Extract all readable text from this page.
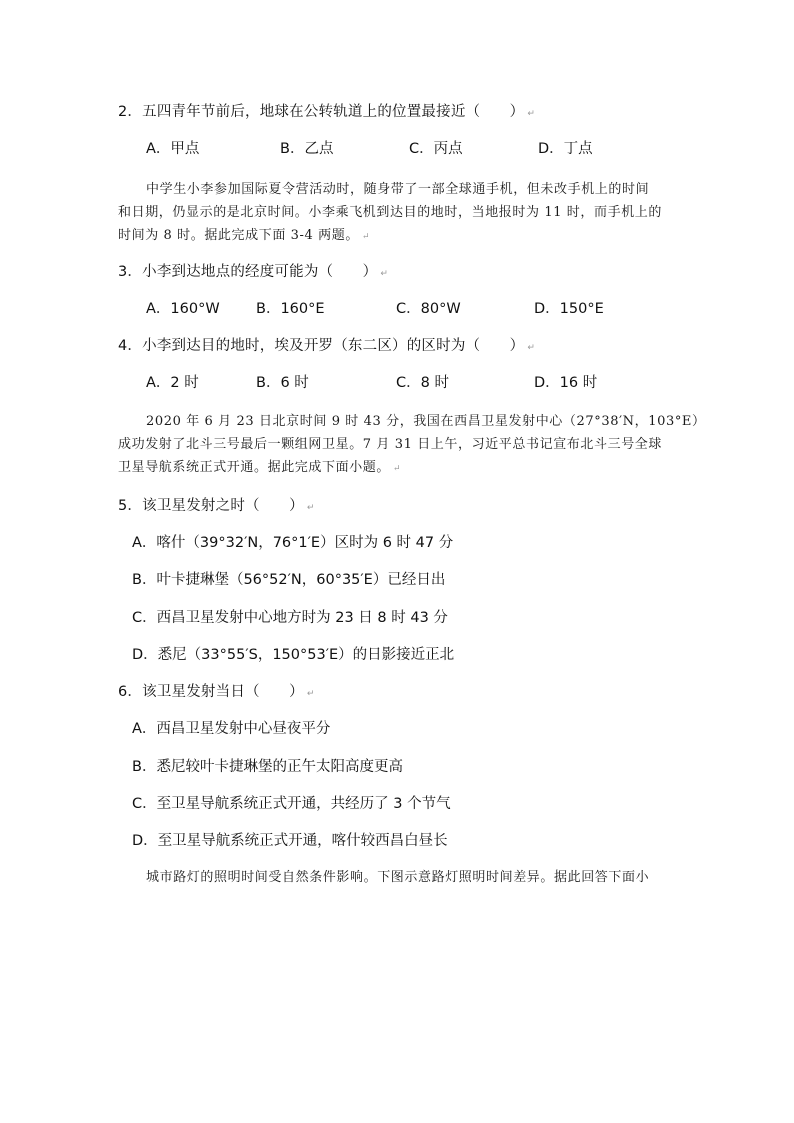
2．五四青年节前后，地球在公转轨道上的位置最接近（　　） ↵
A．甲点	B．乙点	C．丙点	D．丁点
中学生小李参加国际夏令营活动时，随身带了一部全球通手机，但未改手机上的时间
和日期，仍显示的是北京时间。小李乘飞机到达目的地时，当地报时为 11 时，而手机上的
时间为 8 时。据此完成下面 3-4 两题。 ↵
3．小李到达地点的经度可能为（　　） ↵
A．160°W	B．160°E	C．80°W	D．150°E
4．小李到达目的地时，埃及开罗（东二区）的区时为（　　） ↵
A．2 时	B．6 时	C．8 时	D．16 时
2020 年 6 月 23 日北京时间 9 时 43 分，我国在西昌卫星发射中心（27°38′N，103°E）
成功发射了北斗三号最后一颗组网卫星。7 月 31 日上午，习近平总书记宣布北斗三号全球
卫星导航系统正式开通。据此完成下面小题。 ↵
5．该卫星发射之时（　　） ↵
A．喀什（39°32′N，76°1′E）区时为 6 时 47 分
B．叶卡捷琳堡（56°52′N，60°35′E）已经日出
C．西昌卫星发射中心地方时为 23 日 8 时 43 分
D．悉尼（33°55′S，150°53′E）的日影接近正北
6．该卫星发射当日（　　） ↵
A．西昌卫星发射中心昼夜平分
B．悉尼较叶卡捷琳堡的正午太阳高度更高
C．至卫星导航系统正式开通，共经历了 3 个节气
D．至卫星导航系统正式开通，喀什较西昌白昼长
城市路灯的照明时间受自然条件影响。下图示意路灯照明时间差异。据此回答下面小
